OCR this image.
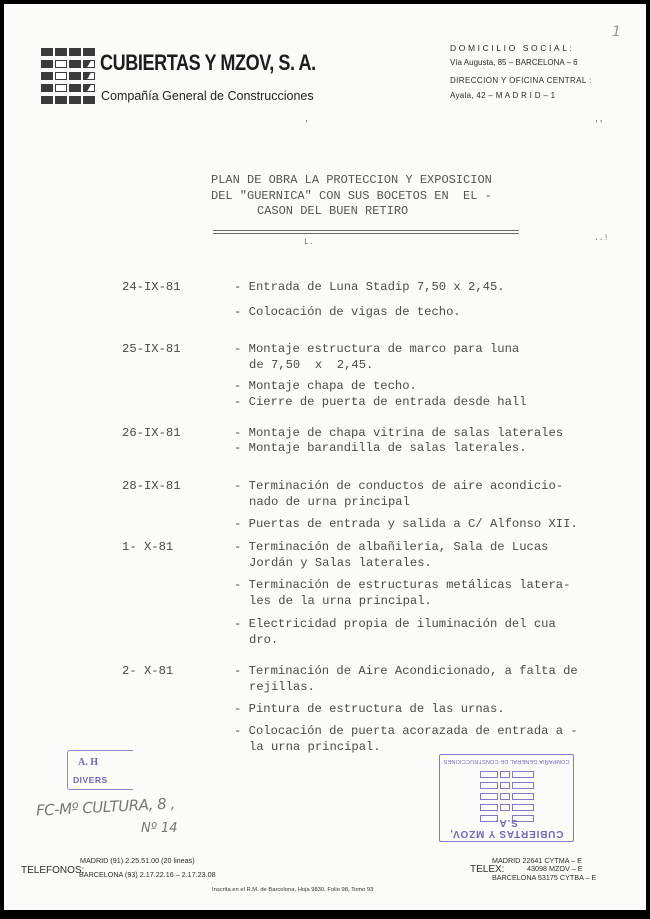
CUBIERTAS Y MZOV, S. A.
Compañía General de Construcciones
DOMICILIO SOCIAL:
Vía Augusta, 85 – BARCELONA – 6
DIRECCION Y OFICINA CENTRAL :
Ayala, 42 – M A D R I D – 1
1
'	''
PLAN DE OBRA LA PROTECCION Y EXPOSICION
DEL "GUERNICA" CON SUS BOCETOS EN  EL -
CASON DEL BUEN RETIRO
L.	..!
24-IX-81	- Entrada de Luna Stadip 7,50 x 2,45.
- Colocación de vigas de techo.
25-IX-81	- Montaje estructura de marco para luna
de 7,50  x  2,45.
- Montaje chapa de techo.
- Cierre de puerta de entrada desde hall
26-IX-81	- Montaje de chapa vitrina de salas laterales
- Montaje barandilla de salas laterales.
28-IX-81	- Terminación de conductos de aire acondicio-
nado de urna principal
- Puertas de entrada y salida a C/ Alfonso XII.
1- X-81	- Terminación de albañileria, Sala de Lucas
Jordán y Salas laterales.
- Terminación de estructuras metálicas latera-
les de la urna principal.
- Electricidad propia de iluminación del cua
dro.
2- X-81	- Terminación de Aire Acondicionado, a falta de
rejillas.
- Pintura de estructura de las urnas.
- Colocación de puerta acorazada de entrada a -
la urna principal.
A. H
DIVERS
FC-Mº CULTURA, 8 ,
Nº 14
COMPAÑIA GENERAL DE CONSTRUCCIONES
CUBIERTAS Y MZOV, S.A.
TELEFONOS:
MADRID (91) 2.25.51.00 (20 lineas)
BARCELONA (93) 2.17.22.16 – 2.17.23.08	TELEX:
MADRID 22641 CYTMA – E
43098 MZOV – E
BARCELONA 53175 CYTBA – E
Inscrita en el R.M. de Barcelona, Hoja 9830, Folio 98, Tomo 93
